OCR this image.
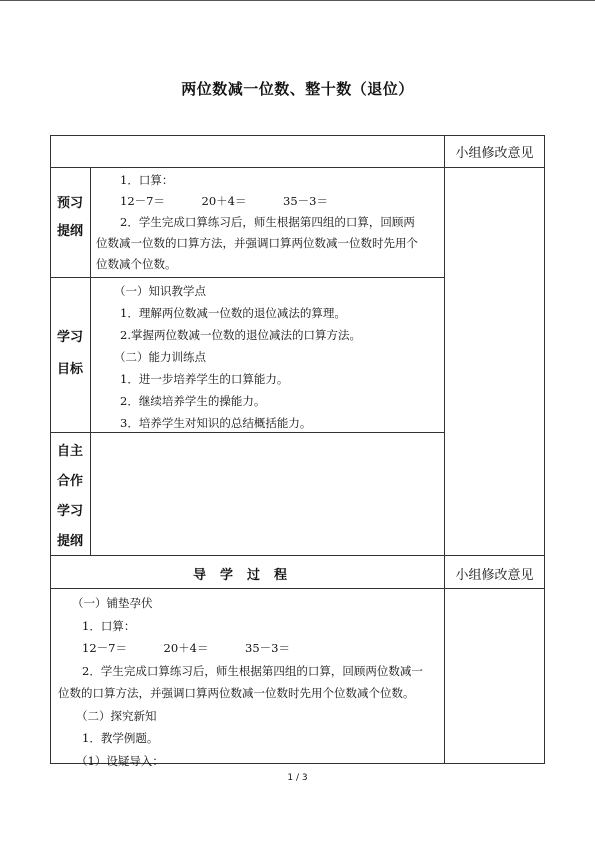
两位数减一位数、整十数（退位）
小组修改意见
预习
提纲
1．口算：
12－7＝          20＋4＝          35－3＝
2．学生完成口算练习后，师生根据第四组的口算，回顾两
位数减一位数的口算方法，并强调口算两位数减一位数时先用个
位数减个位数。
学习
目标
（一）知识教学点
1．理解两位数减一位数的退位减法的算理。
2.掌握两位数减一位数的退位减法的口算方法。
（二）能力训练点
1．进一步培养学生的口算能力。
2．继续培养学生的操能力。
3．培养学生对知识的总结概括能力。
自主
合作
学习
提纲
导学过程	小组修改意见
（一）铺垫孕伏
1．口算：
12－7＝          20＋4＝          35－3＝
2．学生完成口算练习后，师生根据第四组的口算，回顾两位数减一
位数的口算方法，并强调口算两位数减一位数时先用个位数减个位数。
（二）探究新知
1．教学例题。
（1）设疑导入：
1 / 3
